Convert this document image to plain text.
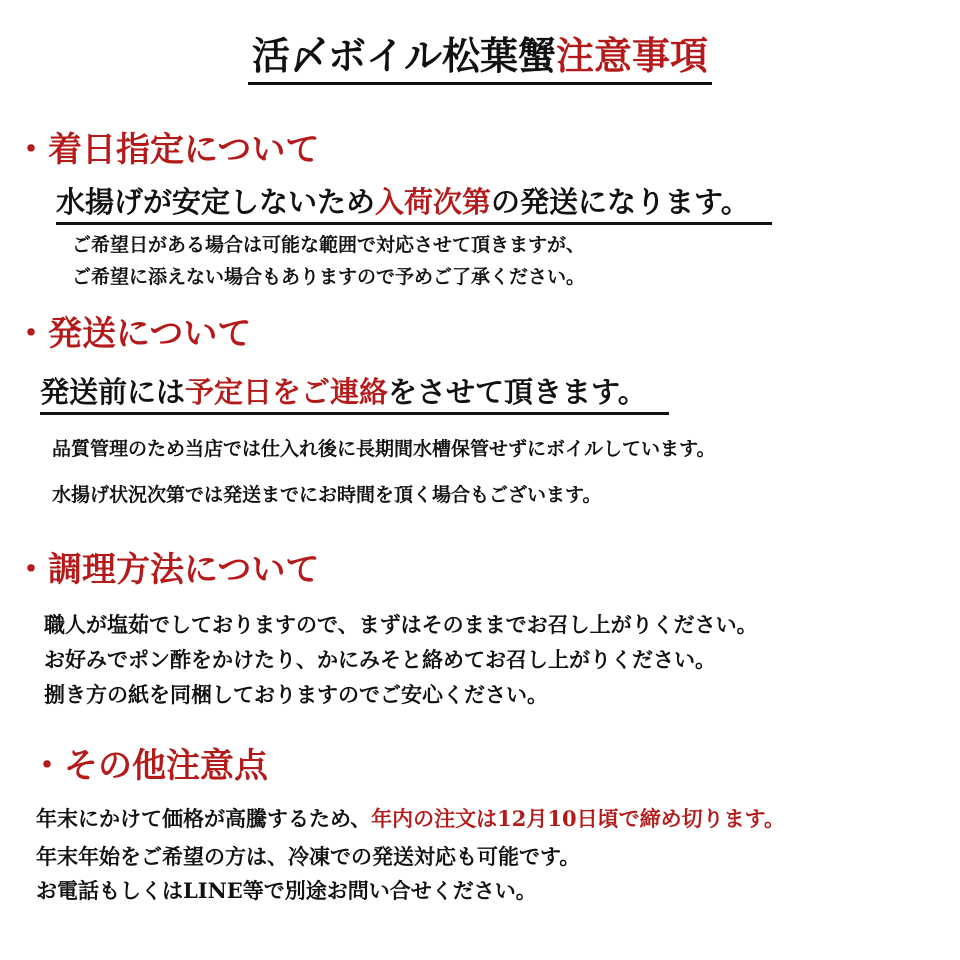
活〆ボイル松葉蟹注意事項
・着日指定について
水揚げが安定しないため入荷次第の発送になります。
ご希望日がある場合は可能な範囲で対応させて頂きますが、
ご希望に添えない場合もありますので予めご了承ください。
・発送について
発送前には予定日をご連絡をさせて頂きます。
品質管理のため当店では仕入れ後に長期間水槽保管せずにボイルしています。
水揚げ状況次第では発送までにお時間を頂く場合もございます。
・調理方法について
職人が塩茹でしておりますので、まずはそのままでお召し上がりください。
お好みでポン酢をかけたり、かにみそと絡めてお召し上がりください。
捌き方の紙を同梱しておりますのでご安心ください。
・その他注意点
年末にかけて価格が高騰するため、年内の注文は12月10日頃で締め切ります。
年末年始をご希望の方は、冷凍での発送対応も可能です。
お電話もしくはLINE等で別途お問い合せください。
